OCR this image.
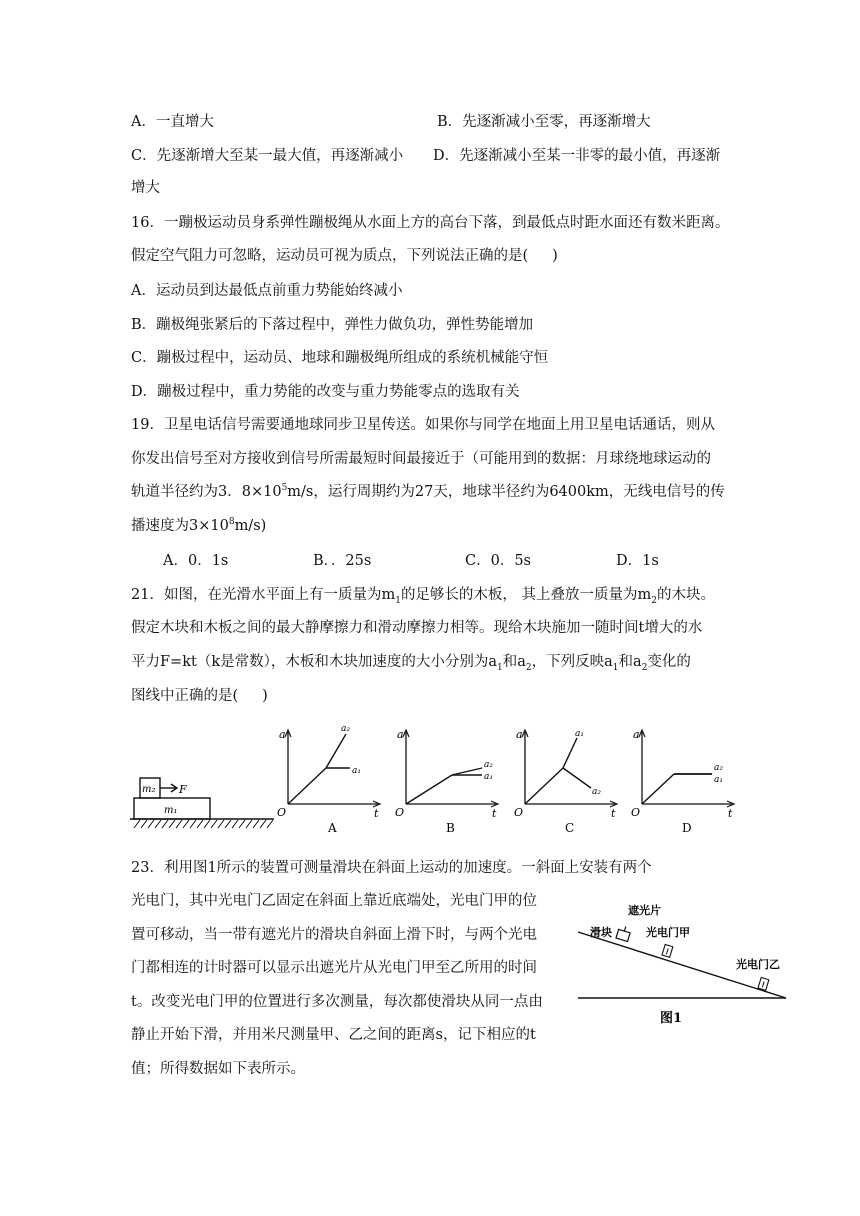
A．一直增大	B．先逐渐减小至零，再逐渐增大
C．先逐渐增大至某一最大值，再逐渐减小 D．先逐渐减小至某一非零的最小值，再逐渐
增大
16．一蹦极运动员身系弹性蹦极绳从水面上方的高台下落，到最低点时距水面还有数米距离。
假定空气阻力可忽略，运动员可视为质点，下列说法正确的是( )
A．运动员到达最低点前重力势能始终减小
B．蹦极绳张紧后的下落过程中，弹性力做负功，弹性势能增加
C．蹦极过程中，运动员、地球和蹦极绳所组成的系统机械能守恒
D．蹦极过程中，重力势能的改变与重力势能零点的选取有关
19．卫星电话信号需要通地球同步卫星传送。如果你与同学在地面上用卫星电话通话，则从
你发出信号至对方接收到信号所需最短时间最接近于（可能用到的数据：月球绕地球运动的
轨道半径约为3．$8\times 10^5m/s$，运行周期约为27天，地球半径约为6400km，无线电信号的传
播速度为$3\times 10^8m/s$)
A．0．1s	B．．25s	C．0．5s	D．1s
21．如图，在光滑水平面上有一质量为$m_1$的足够长的木板， 其上叠放一质量为$m_2$的木块。
假定木块和木板之间的最大静摩擦力和滑动摩擦力相等。现给木块施加一随时间t增大的水
平力F=kt（k是常数），木板和木块加速度的大小分别为$a_1$和$a_2$，下列反映$a_1$和$a_2$变化的
图线中正确的是( )
m₂ F
m₁
a
t
O
a₂
a₁
A
a
t
O
a₂
a₁
B
a
t
O
a₁
a₂
C
a
t
O
a₂
a₁
D
23．利用图1所示的装置可测量滑块在斜面上运动的加速度。一斜面上安装有两个
光电门，其中光电门乙固定在斜面上靠近底端处，光电门甲的位
置可移动，当一带有遮光片的滑块自斜面上滑下时，与两个光电
门都相连的计时器可以显示出遮光片从光电门甲至乙所用的时间
t。改变光电门甲的位置进行多次测量，每次都使滑块从同一点由
静止开始下滑，并用米尺测量甲、乙之间的距离s，记下相应的t
值；所得数据如下表所示。
遮光片
滑块	光电门甲
光电门乙
图1
